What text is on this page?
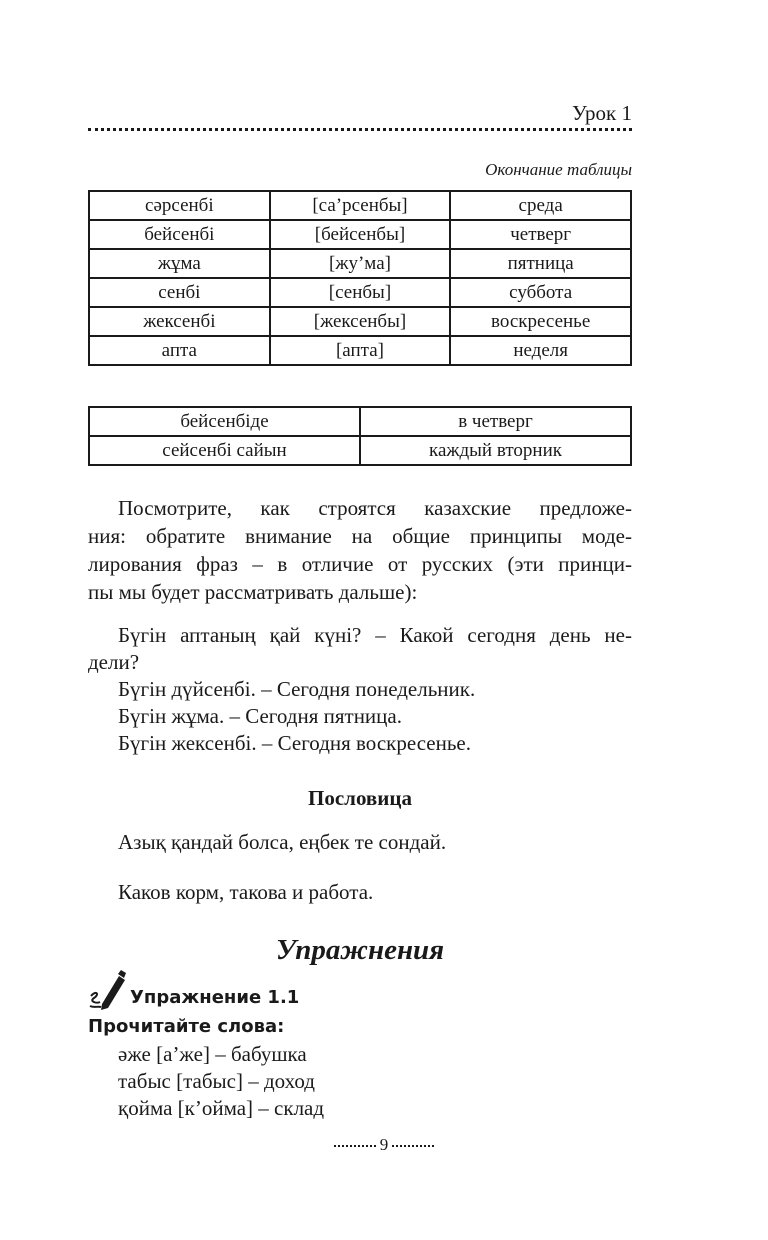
Урок 1
Окончание таблицы
сәрсенбі	[са’рсенбы]	среда
бейсенбі	[бейсенбы]	четверг
жұма	[жу’ма]	пятница
сенбі	[сенбы]	суббота
жексенбі	[жексенбы]	воскресенье
апта	[апта]	неделя
бейсенбіде	в четверг
сейсенбі сайын	каждый вторник
Посмотрите, как строятся казахские предложе-
ния: обратите внимание на общие принципы моде-
лирования фраз – в отличие от русских (эти принци-
пы мы будет рассматривать дальше):
Бүгін аптаның қай күні? – Какой сегодня день не-
дели?
Бүгін дүйсенбі. – Сегодня понедельник.
Бүгін жұма. – Сегодня пятница.
Бүгін жексенбі. – Сегодня воскресенье.
Пословица
Азық қандай болса, еңбек те сондай.
Каков корм, такова и работа.
Упражнения
Упражнение 1.1
Прочитайте слова:
әже [а’же] – бабушка
табыс [табыс] – доход
қойма [к’ойма] – склад
9
